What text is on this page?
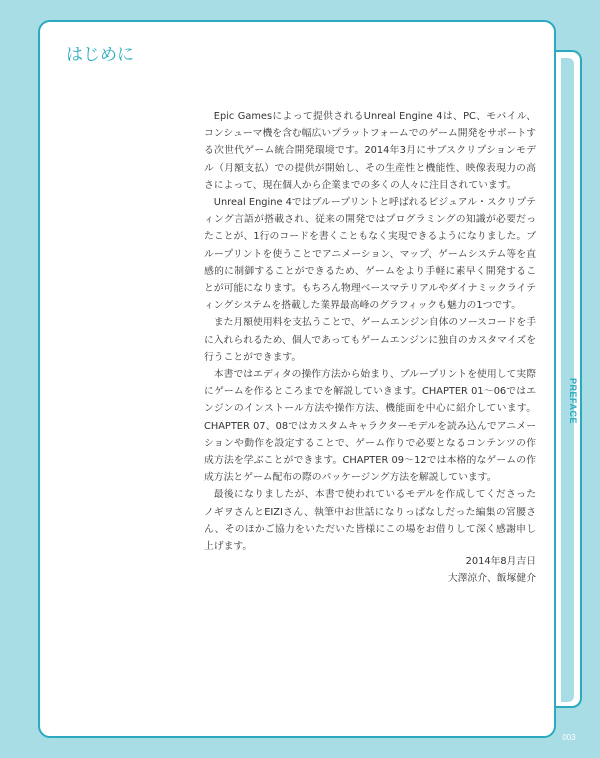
PREFACE
はじめに

Epic Gamesによって提供されるUnreal Engine 4は、PC、モバイル、コンシューマ機を含む幅広いプラットフォームでのゲーム開発をサポートする次世代ゲーム統合開発環境です。2014年3月にサブスクリプションモデル（月額支払）での提供が開始し、その生産性と機能性、映像表現力の高さによって、現在個人から企業までの多くの人々に注目されています。

Unreal Engine 4ではブループリントと呼ばれるビジュアル・スクリプティング言語が搭載され、従来の開発ではプログラミングの知識が必要だったことが、1行のコードを書くこともなく実現できるようになりました。ブループリントを使うことでアニメーション、マップ、ゲームシステム等を直感的に制御することができるため、ゲームをより手軽に素早く開発することが可能になります。もちろん物理ベースマテリアルやダイナミックライティングシステムを搭載した業界最高峰のグラフィックも魅力の1つです。

また月額使用料を支払うことで、ゲームエンジン自体のソースコードを手に入れられるため、個人であってもゲームエンジンに独自のカスタマイズを行うことができます。

本書ではエディタの操作方法から始まり、ブループリントを使用して実際にゲームを作るところまでを解説していきます。CHAPTER 01～06ではエンジンのインストール方法や操作方法、機能面を中心に紹介しています。CHAPTER 07、08ではカスタムキャラクターモデルを読み込んでアニメーションや動作を設定することで、ゲーム作りで必要となるコンテンツの作成方法を学ぶことができます。CHAPTER 09～12では本格的なゲームの作成方法とゲーム配布の際のパッケージング方法を解説しています。

最後になりましたが、本書で使われているモデルを作成してくださったノギヲさんとEIZIさん、執筆中お世話になりっぱなしだった編集の宮腰さん、そのほかご協力をいただいた皆様にこの場をお借りして深く感謝申し上げます。

2014年8月吉日
大澤涼介、飯塚健介
003
